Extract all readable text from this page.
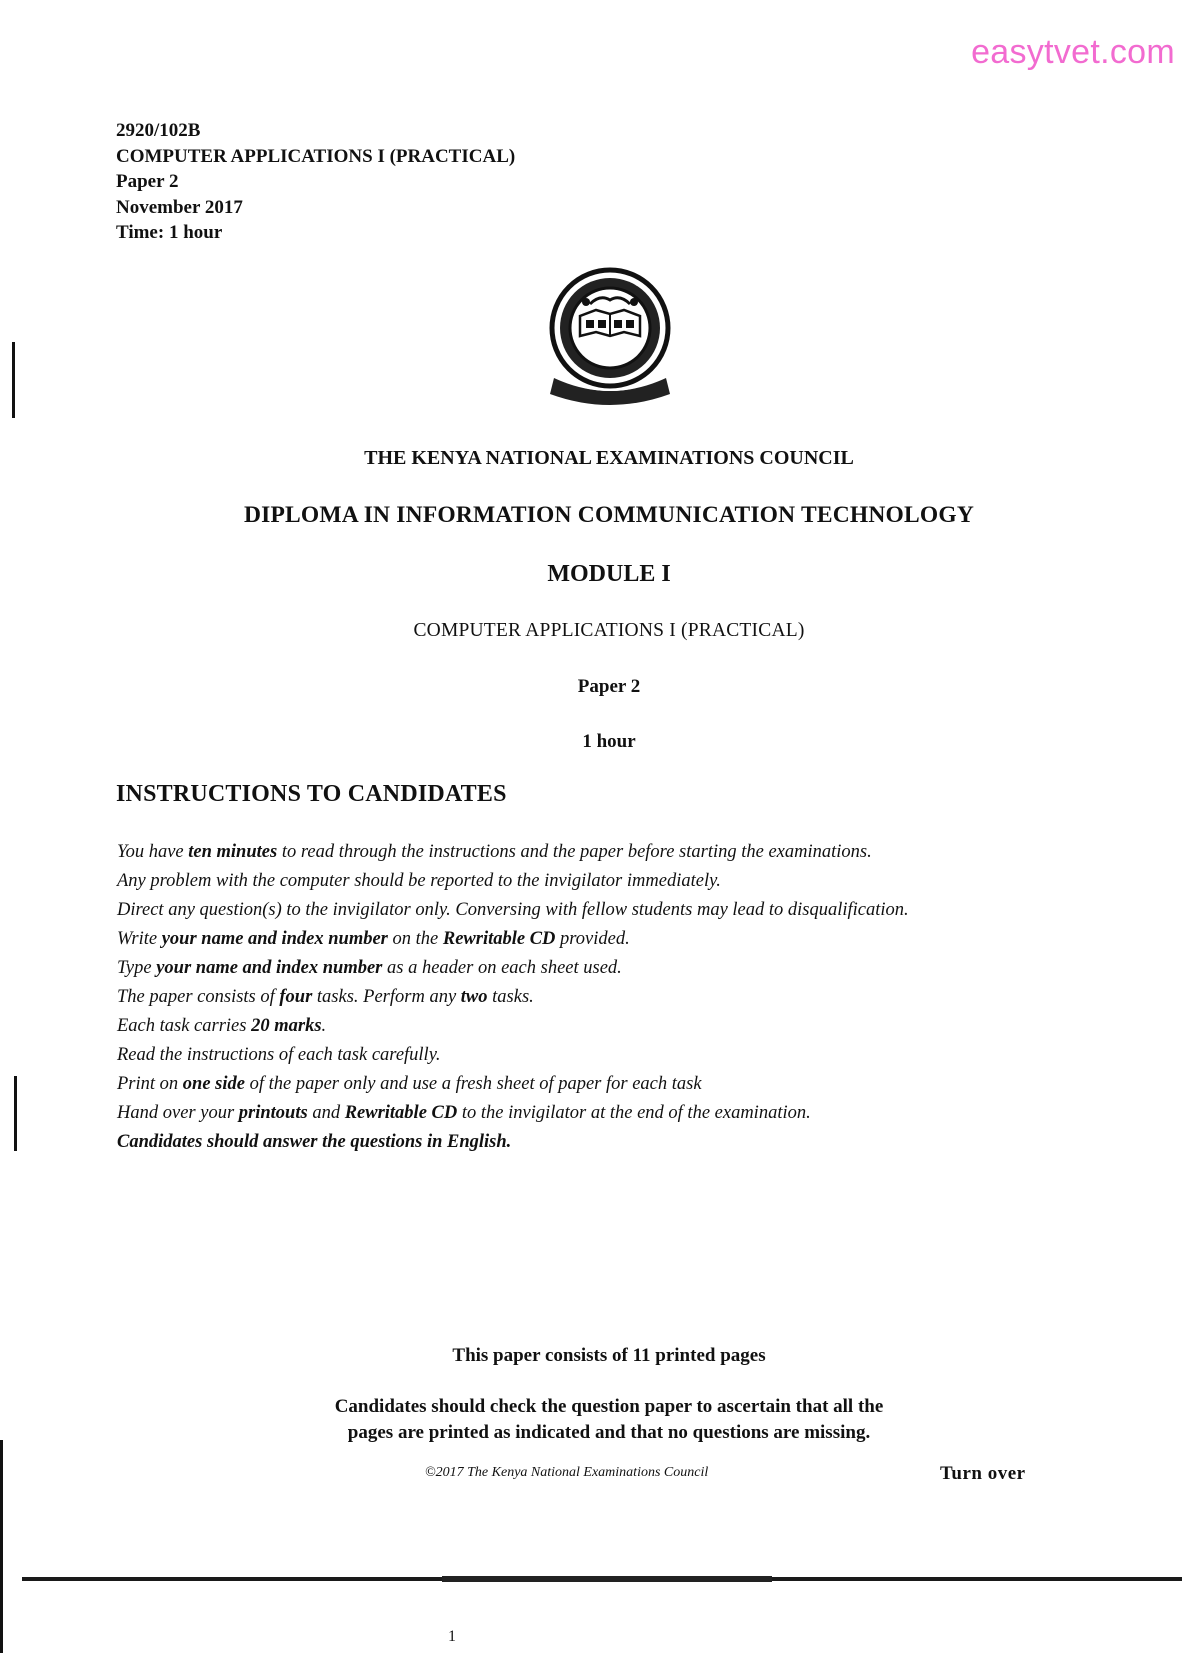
easytvet.com
2920/102B
COMPUTER APPLICATIONS I (PRACTICAL)
Paper 2
November 2017
Time: 1 hour
THE KENYA NATIONAL EXAMINATIONS COUNCIL
DIPLOMA IN INFORMATION COMMUNICATION TECHNOLOGY
MODULE I
COMPUTER APPLICATIONS I (PRACTICAL)
Paper 2
1 hour
INSTRUCTIONS TO CANDIDATES
You have ten minutes to read through the instructions and the paper before starting the examinations.
Any problem with the computer should be reported to the invigilator immediately.
Direct any question(s) to the invigilator only. Conversing with fellow students may lead to disqualification.
Write your name and index number on the Rewritable CD provided.
Type your name and index number as a header on each sheet used.
The paper consists of four tasks. Perform any two tasks.
Each task carries 20 marks.
Read the instructions of each task carefully.
Print on one side of the paper only and use a fresh sheet of paper for each task
Hand over your printouts and Rewritable CD to the invigilator at the end of the examination.
Candidates should answer the questions in English.
This paper consists of 11 printed pages
Candidates should check the question paper to ascertain that all the
pages are printed as indicated and that no questions are missing.
©2017 The Kenya National Examinations Council	Turn over
1
